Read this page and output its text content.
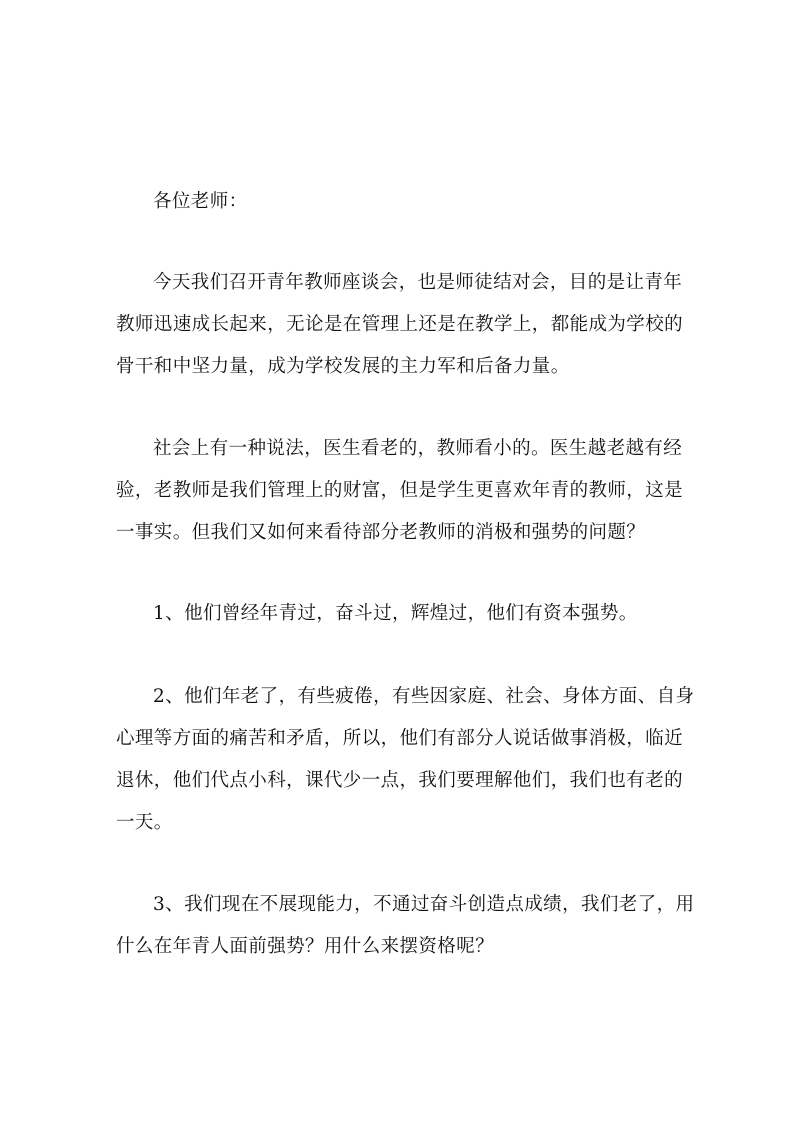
各位老师：
今天我们召开青年教师座谈会，也是师徒结对会，目的是让青年
教师迅速成长起来，无论是在管理上还是在教学上，都能成为学校的
骨干和中坚力量，成为学校发展的主力军和后备力量。
社会上有一种说法，医生看老的，教师看小的。医生越老越有经
验，老教师是我们管理上的财富，但是学生更喜欢年青的教师，这是
一事实。但我们又如何来看待部分老教师的消极和强势的问题？
1、他们曾经年青过，奋斗过，辉煌过，他们有资本强势。
2、他们年老了，有些疲倦，有些因家庭、社会、身体方面、自身
心理等方面的痛苦和矛盾，所以，他们有部分人说话做事消极，临近
退休，他们代点小科，课代少一点，我们要理解他们，我们也有老的
一天。
3、我们现在不展现能力，不通过奋斗创造点成绩，我们老了，用
什么在年青人面前强势？用什么来摆资格呢？
